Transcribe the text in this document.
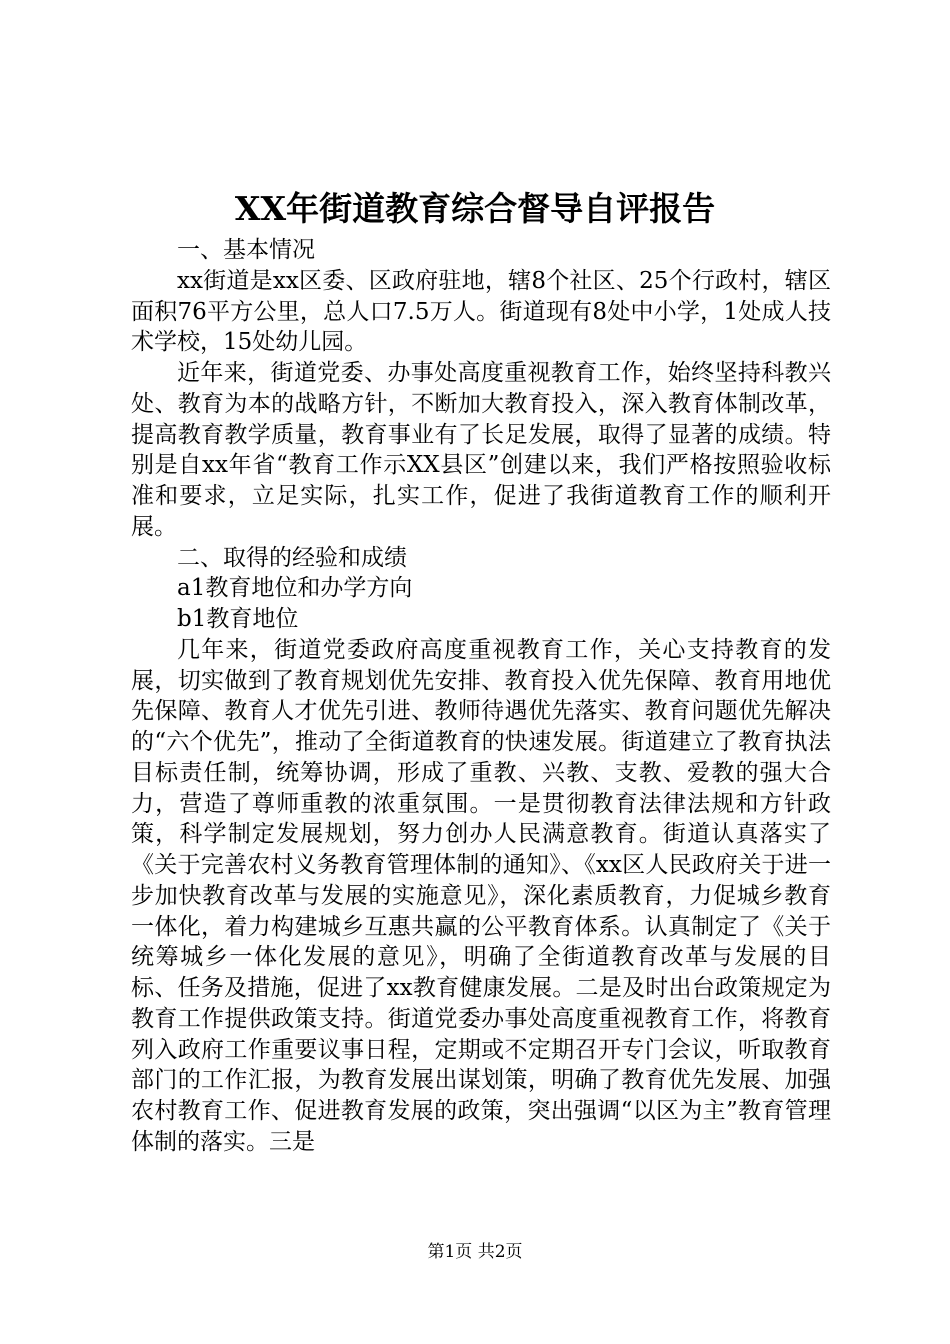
XX年街道教育综合督导自评报告

一、基本情况

xx街道是xx区委、区政府驻地，辖8个社区、25个行政村，辖区面积76平方公里，总人口7.5万人。街道现有8处中小学，1处成人技术学校，15处幼儿园。

近年来，街道党委、办事处高度重视教育工作，始终坚持科教兴处、教育为本的战略方针，不断加大教育投入，深入教育体制改革，提高教育教学质量，教育事业有了长足发展，取得了显著的成绩。特别是自xx年省“教育工作示XX县区”创建以来，我们严格按照验收标准和要求，立足实际，扎实工作，促进了我街道教育工作的顺利开展。

二、取得的经验和成绩

a1教育地位和办学方向

b1教育地位

几年来，街道党委政府高度重视教育工作，关心支持教育的发展，切实做到了教育规划优先安排、教育投入优先保障、教育用地优先保障、教育人才优先引进、教师待遇优先落实、教育问题优先解决的“六个优先”，推动了全街道教育的快速发展。街道建立了教育执法目标责任制，统筹协调，形成了重教、兴教、支教、爱教的强大合力，营造了尊师重教的浓重氛围。一是贯彻教育法律法规和方针政策，科学制定发展规划，努力创办人民满意教育。街道认真落实了《关于完善农村义务教育管理体制的通知》、《xx区人民政府关于进一步加快教育改革与发展的实施意见》，深化素质教育，力促城乡教育一体化，着力构建城乡互惠共赢的公平教育体系。认真制定了《关于统筹城乡一体化发展的意见》，明确了全街道教育改革与发展的目标、任务及措施，促进了xx教育健康发展。二是及时出台政策规定为教育工作提供政策支持。街道党委办事处高度重视教育工作，将教育列入政府工作重要议事日程，定期或不定期召开专门会议，听取教育部门的工作汇报，为教育发展出谋划策，明确了教育优先发展、加强农村教育工作、促进教育发展的政策，突出强调“以区为主”教育管理体制的落实。三是

第1页 共2页
